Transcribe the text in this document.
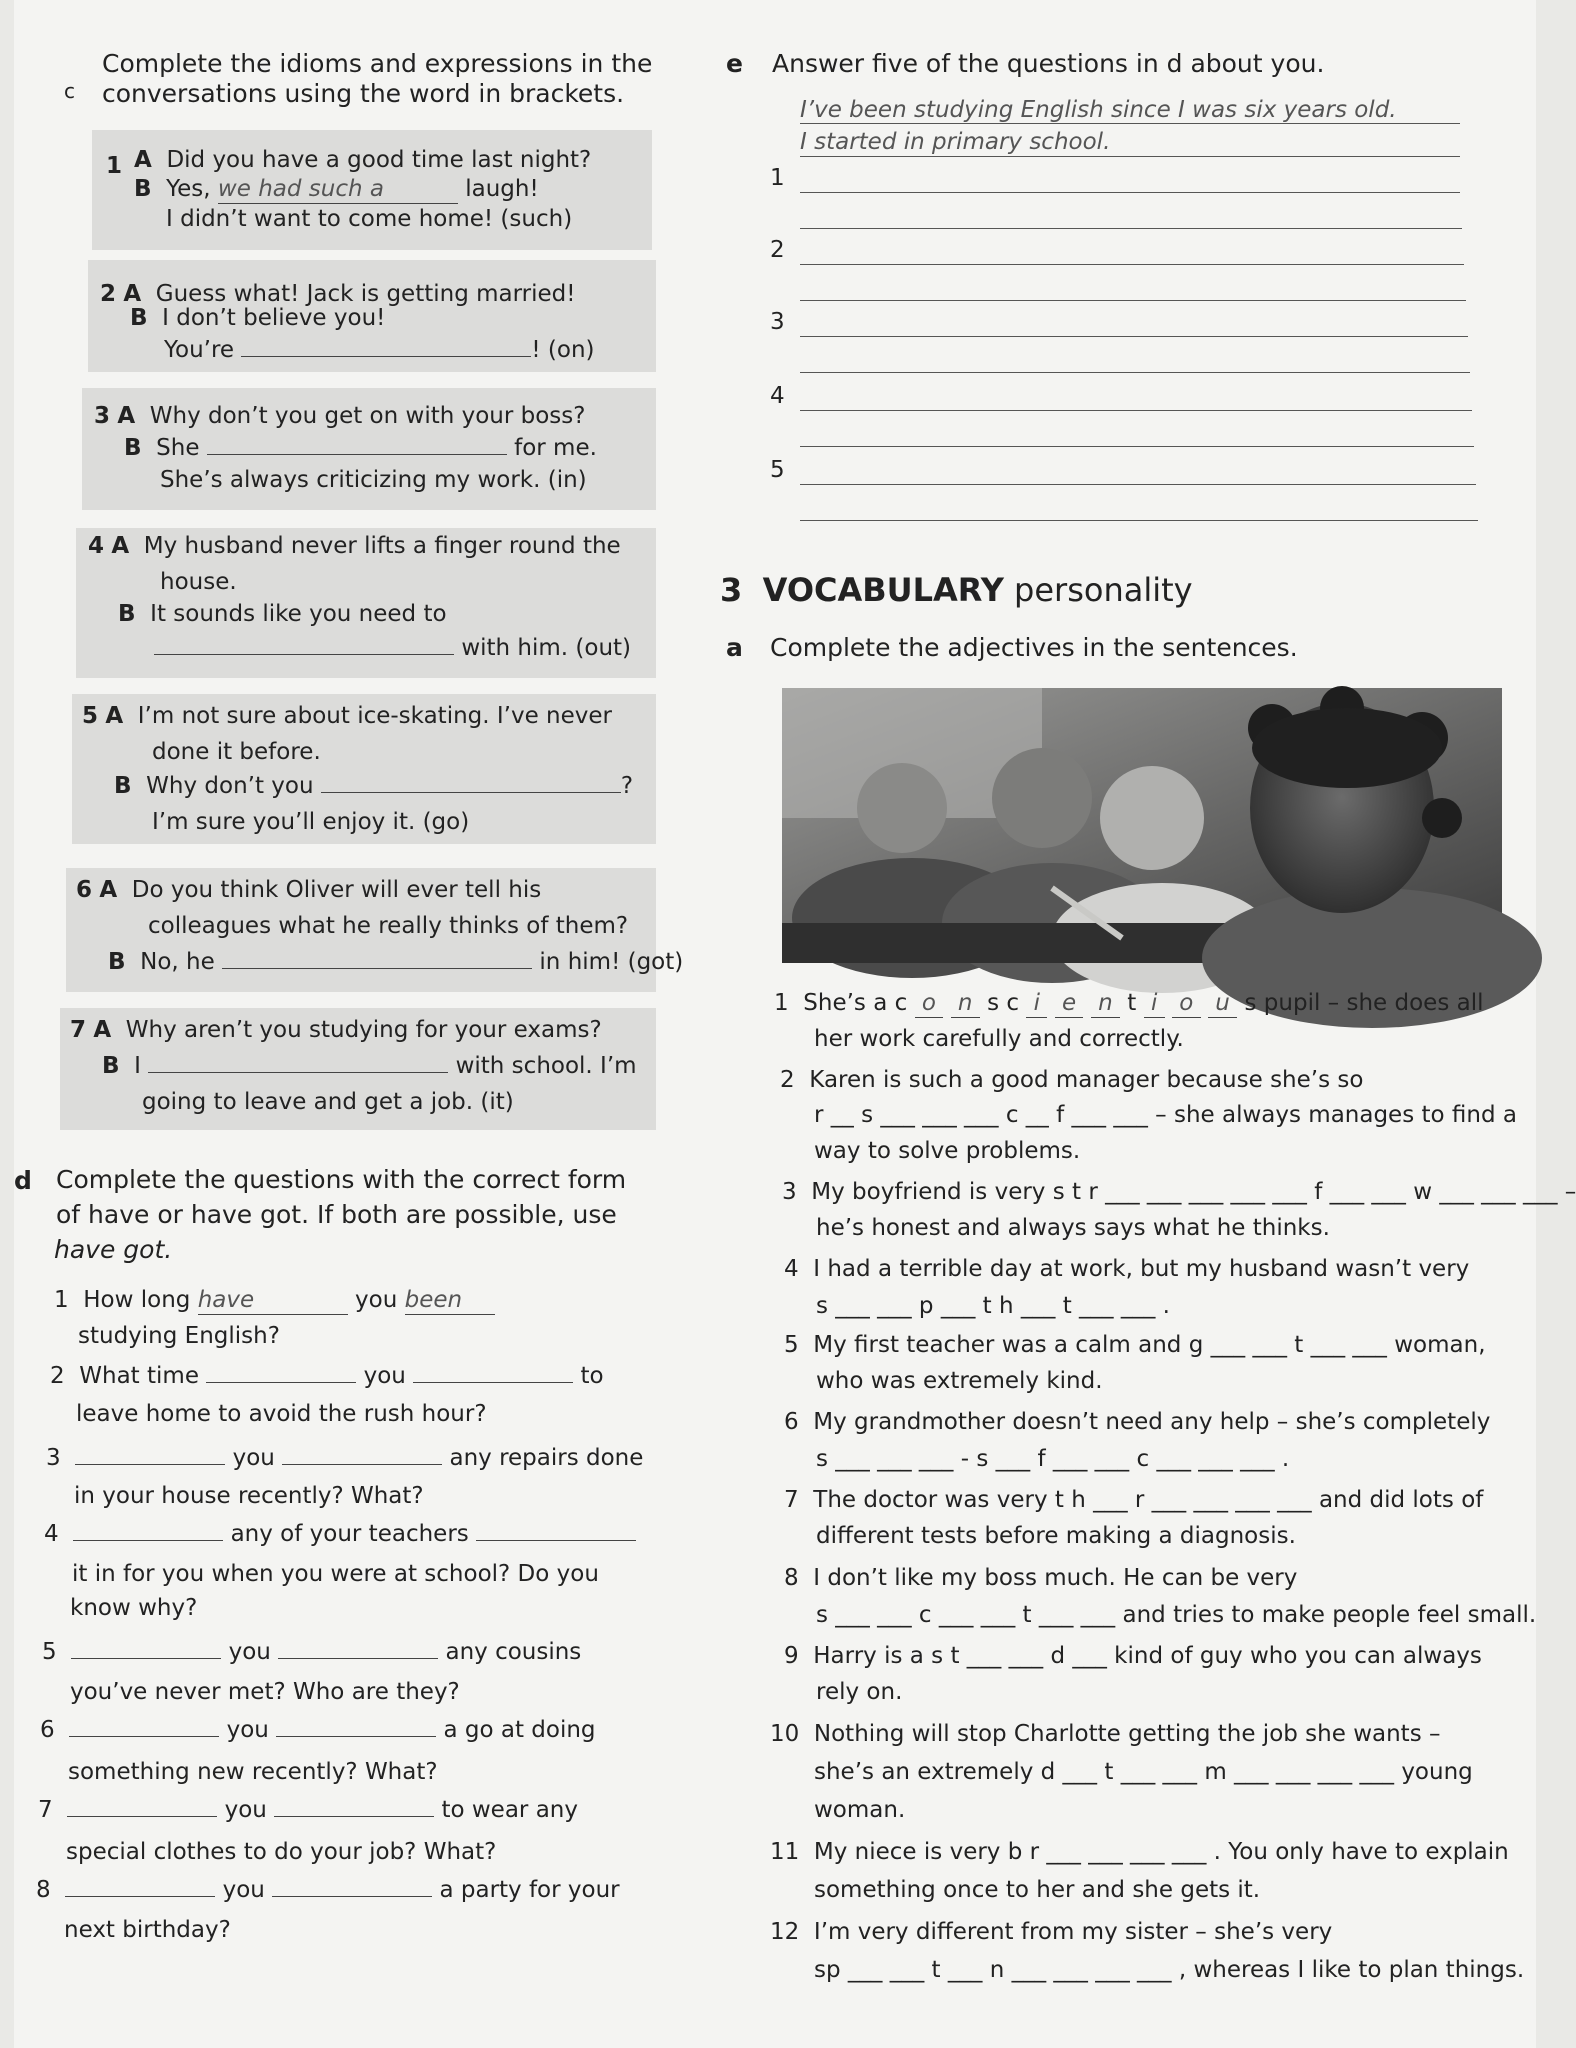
c
Complete the idioms and expressions in the
conversations using the word in brackets.
1 A Did you have a good time last night?
B Yes, we had such a	laugh!
I didn’t want to come home! (such)
2 A Guess what! Jack is getting married!
B I don’t believe you!
You’re	! (on)
3 A Why don’t you get on with your boss?
B She	for me.
She’s always criticizing my work. (in)
4 A My husband never lifts a finger round the
house.
B It sounds like you need to
with him. (out)
5 A I’m not sure about ice-skating. I’ve never
done it before.
B Why don’t you	?
I’m sure you’ll enjoy it. (go)
6 A Do you think Oliver will ever tell his
colleagues what he really thinks of them?
B No, he	in him! (got)
7 A Why aren’t you studying for your exams?
B I	with school. I’m
going to leave and get a job. (it)
d Complete the questions with the correct form
of have or have got. If both are possible, use
have got.
1 How long have	you been
studying English?
2 What time	you	to
leave home to avoid the rush hour?
3	you	any repairs done
in your house recently? What?
4	any of your teachers
it in for you when you were at school? Do you
know why?
5	you	any cousins
you’ve never met? Who are they?
6	you	a go at doing
something new recently? What?
7	you	to wear any
special clothes to do your job? What?
8	you	a party for your
next birthday?
e Answer five of the questions in d about you.
I’ve been studying English since I was six years old.
I started in primary school.
1
2
3
4
5
3 VOCABULARY personality
a Complete the adjectives in the sentences.
1 She’s a c o n s c i e n t i o u s pupil – she does all
her work carefully and correctly.
2 Karen is such a good manager because she’s so
r __ s ___ ___ ___ c __ f ___ ___ – she always manages to find a
way to solve problems.
3 My boyfriend is very s t r ___ ___ ___ ___ ___ f ___ ___ w ___ ___ ___ –
he’s honest and always says what he thinks.
4 I had a terrible day at work, but my husband wasn’t very
s ___ ___ p ___ t h ___ t ___ ___ .
5 My first teacher was a calm and g ___ ___ t ___ ___ woman,
who was extremely kind.
6 My grandmother doesn’t need any help – she’s completely
s ___ ___ ___ - s ___ f ___ ___ c ___ ___ ___ .
7 The doctor was very t h ___ r ___ ___ ___ ___ and did lots of
different tests before making a diagnosis.
8 I don’t like my boss much. He can be very
s ___ ___ c ___ ___ t ___ ___ and tries to make people feel small.
9 Harry is a s t ___ ___ d ___ kind of guy who you can always
rely on.
10 Nothing will stop Charlotte getting the job she wants –
she’s an extremely d ___ t ___ ___ m ___ ___ ___ ___ young
woman.
11 My niece is very b r ___ ___ ___ ___ . You only have to explain
something once to her and she gets it.
12 I’m very different from my sister – she’s very
sp ___ ___ t ___ n ___ ___ ___ ___ , whereas I like to plan things.
